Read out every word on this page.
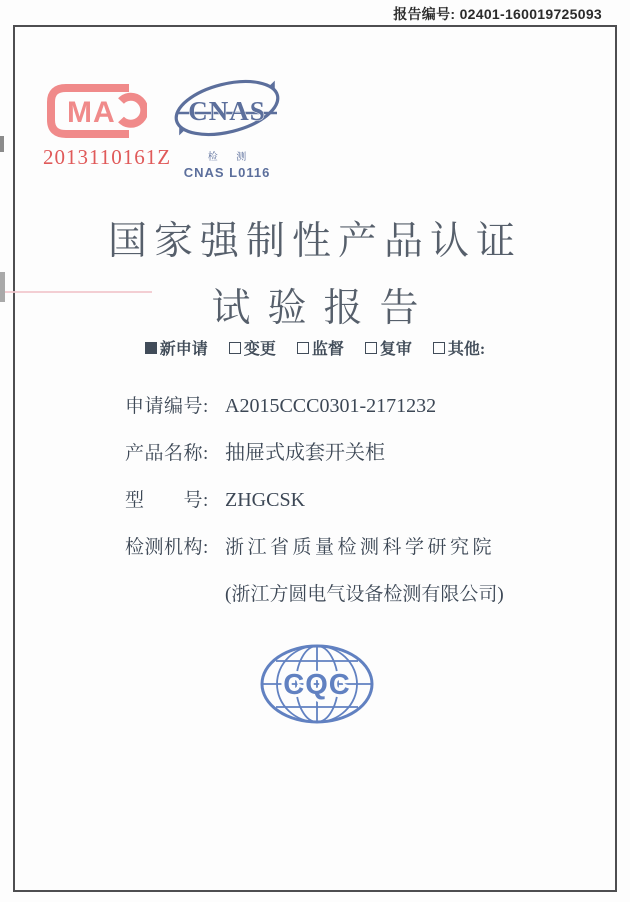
报告编号: 02401-160019725093
M A
2013110161Z
CNAS
检 测
CNAS L0116
国家强制性产品认证
试验报告
新申请 变更 监督 复审 其他:
申请编号: A2015CCC0301-2171232
产品名称: 抽屉式成套开关柜
型　　号: ZHGCSK
检测机构: 浙江省质量检测科学研究院
(浙江方圆电气设备检测有限公司)
CQC
